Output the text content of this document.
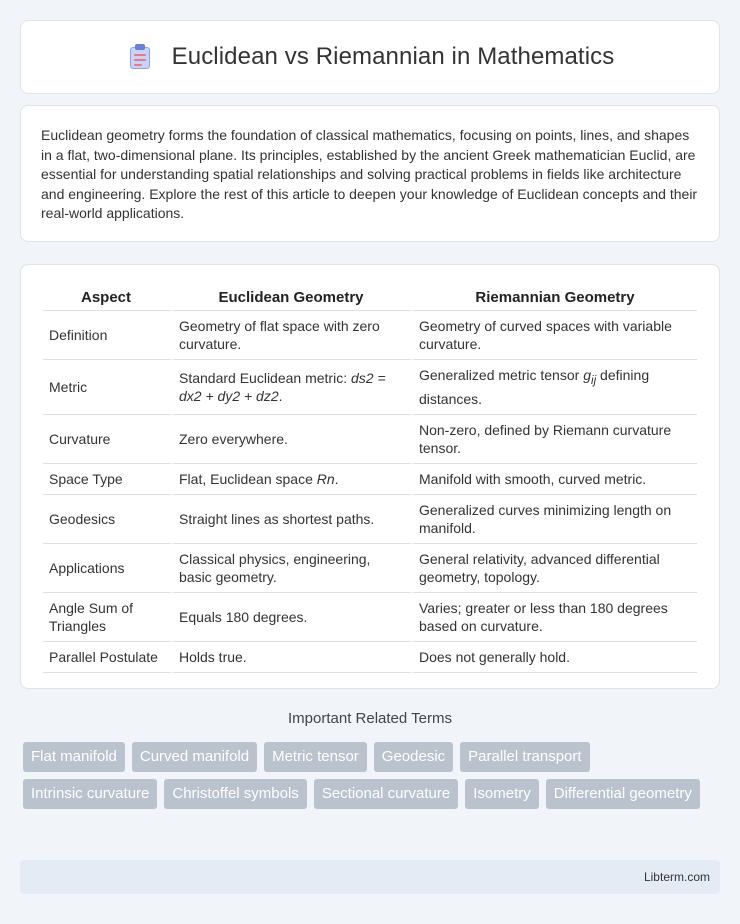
Euclidean vs Riemannian in Mathematics

Euclidean geometry forms the foundation of classical mathematics, focusing on points, lines, and shapes in a flat, two-dimensional plane. Its principles, established by the ancient Greek mathematician Euclid, are essential for understanding spatial relationships and solving practical problems in fields like architecture and engineering. Explore the rest of this article to deepen your knowledge of Euclidean concepts and their real-world applications.

Aspect	Euclidean Geometry	Riemannian Geometry
Definition	Geometry of flat space with zero curvature.	Geometry of curved spaces with variable curvature.
Metric	Standard Euclidean metric: ds2 = dx2 + dy2 + dz2.	Generalized metric tensor $g_{ij}$ defining distances.
Curvature	Zero everywhere.	Non-zero, defined by Riemann curvature tensor.
Space Type	Flat, Euclidean space Rn.	Manifold with smooth, curved metric.
Geodesics	Straight lines as shortest paths.	Generalized curves minimizing length on manifold.
Applications	Classical physics, engineering, basic geometry.	General relativity, advanced differential geometry, topology.
Angle Sum of Triangles	Equals 180 degrees.	Varies; greater or less than 180 degrees based on curvature.
Parallel Postulate	Holds true.	Does not generally hold.
Important Related Terms
Flat manifold	Curved manifold	Metric tensor	Geodesic	Parallel transport
Intrinsic curvature	Christoffel symbols	Sectional curvature	Isometry	Differential geometry
Libterm.com
